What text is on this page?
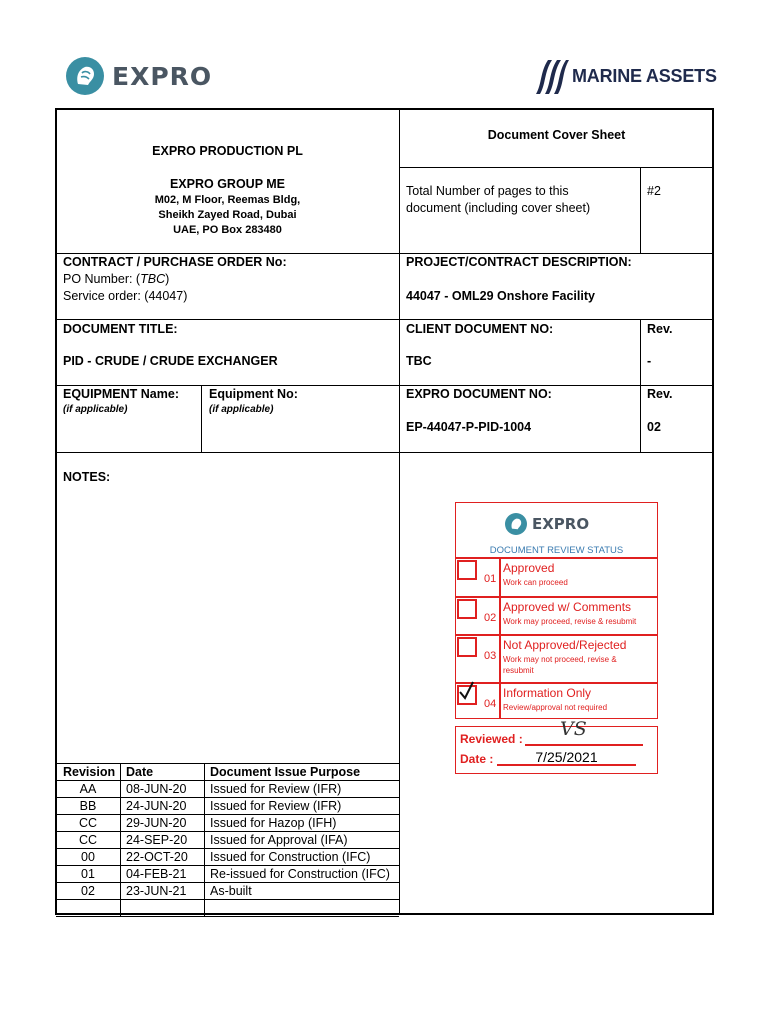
EXPRO	MARINE ASSETS
EXPRO PRODUCTION PL
EXPRO GROUP ME
M02, M Floor, Reemas Bldg,
Sheikh Zayed Road, Dubai
UAE, PO Box 283480
Document Cover Sheet
Total Number of pages to this
document (including cover sheet)
#2
CONTRACT / PURCHASE ORDER No:
PO Number: (TBC)
Service order: (44047)
PROJECT/CONTRACT DESCRIPTION:
44047 - OML29 Onshore Facility
DOCUMENT TITLE:
PID - CRUDE / CRUDE EXCHANGER
CLIENT DOCUMENT NO:
TBC
Rev.
-
EQUIPMENT Name:
(if applicable)
Equipment No:
(if applicable)
EXPRO DOCUMENT NO:
EP-44047-P-PID-1004
Rev.
02
NOTES:
Revision Date	Document Issue Purpose
AA	08-JUN-20 Issued for Review (IFR)
BB	24-JUN-20 Issued for Review (IFR)
CC	29-JUN-20 Issued for Hazop (IFH)
CC	24-SEP-20 Issued for Approval (IFA)
00	22-OCT-20 Issued for Construction (IFC)
01	04-FEB-21 Re-issued for Construction (IFC)
02	23-JUN-21 As-built
EXPRO
DOCUMENT REVIEW STATUS
01
Approved
Work can proceed
02
Approved w/ Comments
Work may proceed, revise & resubmit
03
Not Approved/Rejected
Work may not proceed, revise &
resubmit
04
Information Only
Review/approval not required
Reviewed : VS
Date :	7/25/2021
